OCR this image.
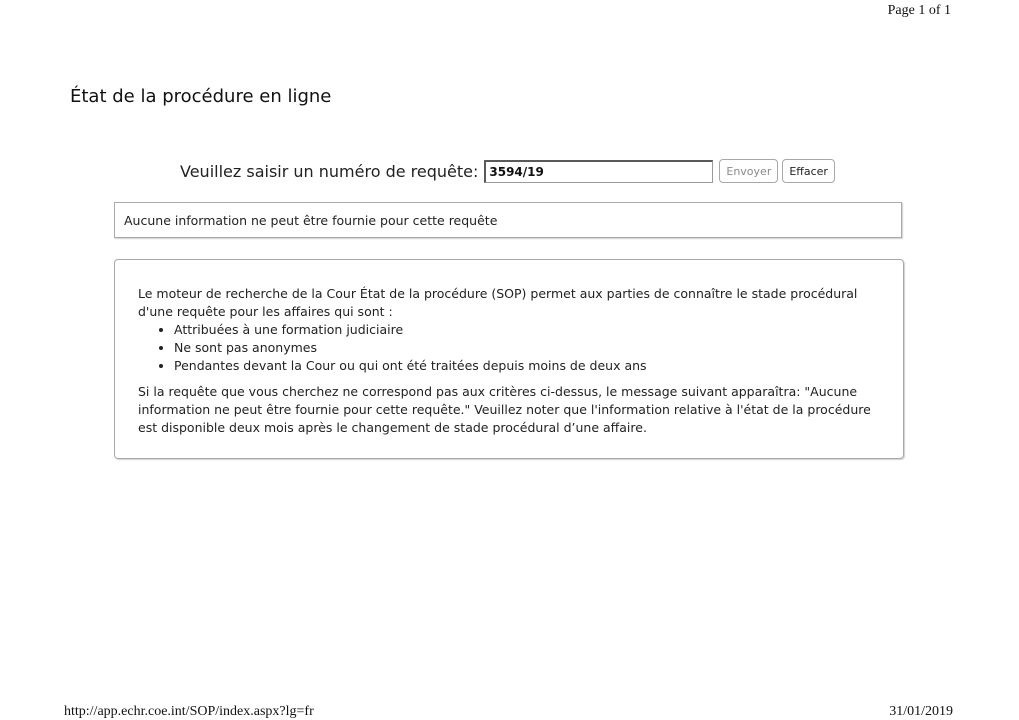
Page 1 of 1
État de la procédure en ligne
Veuillez saisir un numéro de requête:
3594/19	Envoyer	Effacer
Aucune information ne peut être fournie pour cette requête

Le moteur de recherche de la Cour État de la procédure (SOP) permet aux parties de connaître le stade procédural d'une requête pour les affaires qui sont :

• Attribuées à une formation judiciaire
• Ne sont pas anonymes
• Pendantes devant la Cour ou qui ont été traitées depuis moins de deux ans

Si la requête que vous cherchez ne correspond pas aux critères ci-dessus, le message suivant apparaîtra: "Aucune information ne peut être fournie pour cette requête." Veuillez noter que l'information relative à l'état de la procédure est disponible deux mois après le changement de stade procédural d’une affaire.

http://app.echr.coe.int/SOP/index.aspx?lg=fr	31/01/2019
